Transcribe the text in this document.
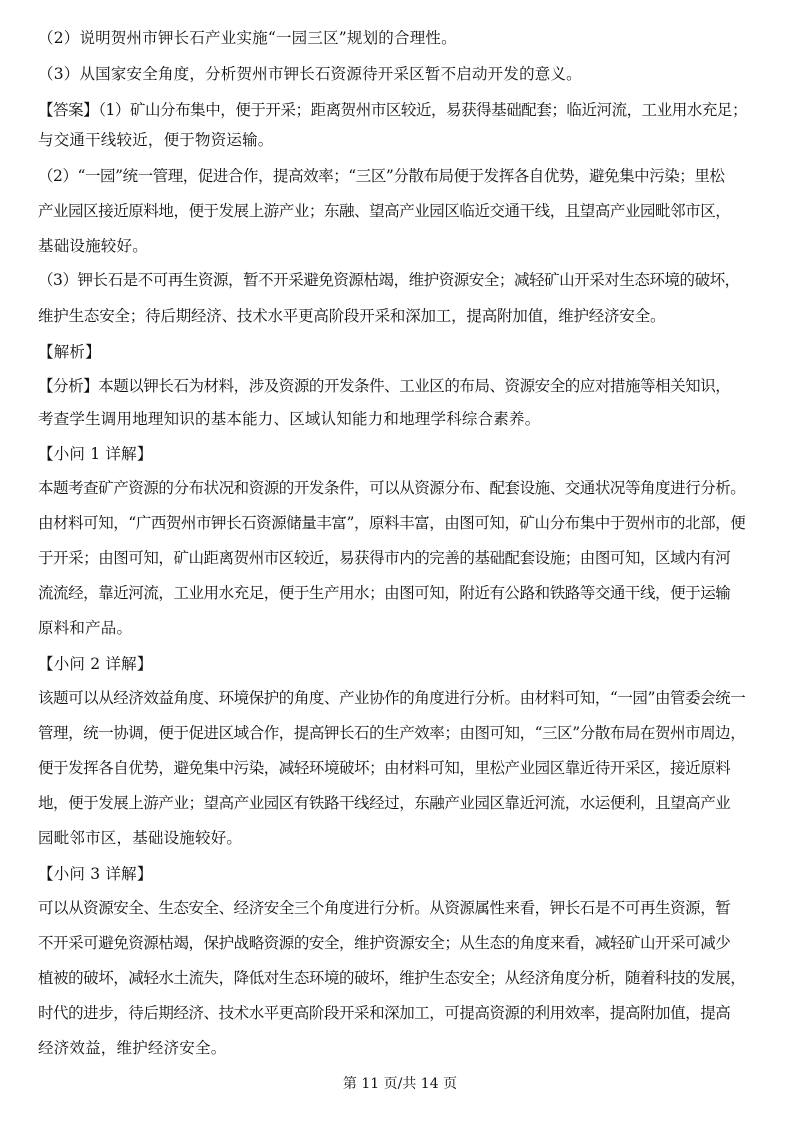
（2）说明贺州市钾长石产业实施“一园三区”规划的合理性。
（3）从国家安全角度，分析贺州市钾长石资源待开采区暂不启动开发的意义。
【答案】（1）矿山分布集中，便于开采；距离贺州市区较近，易获得基础配套；临近河流，工业用水充足；
与交通干线较近，便于物资运输。
（2）“一园”统一管理，促进合作，提高效率；“三区”分散布局便于发挥各自优势，避免集中污染；里松
产业园区接近原料地，便于发展上游产业；东融、望高产业园区临近交通干线，且望高产业园毗邻市区，
基础设施较好。
（3）钾长石是不可再生资源，暂不开采避免资源枯竭，维护资源安全；减轻矿山开采对生态环境的破坏，
维护生态安全；待后期经济、技术水平更高阶段开采和深加工，提高附加值，维护经济安全。
【解析】
【分析】本题以钾长石为材料，涉及资源的开发条件、工业区的布局、资源安全的应对措施等相关知识，
考查学生调用地理知识的基本能力、区域认知能力和地理学科综合素养。
【小问 1 详解】
本题考查矿产资源的分布状况和资源的开发条件，可以从资源分布、配套设施、交通状况等角度进行分析。
由材料可知，“广西贺州市钾长石资源储量丰富”，原料丰富，由图可知，矿山分布集中于贺州市的北部，便
于开采；由图可知，矿山距离贺州市区较近，易获得市内的完善的基础配套设施；由图可知，区域内有河
流流经，靠近河流，工业用水充足，便于生产用水；由图可知，附近有公路和铁路等交通干线，便于运输
原料和产品。
【小问 2 详解】
该题可以从经济效益角度、环境保护的角度、产业协作的角度进行分析。由材料可知，“一园”由管委会统一
管理，统一协调，便于促进区域合作，提高钾长石的生产效率；由图可知，“三区”分散布局在贺州市周边，
便于发挥各自优势，避免集中污染，减轻环境破坏；由材料可知，里松产业园区靠近待开采区，接近原料
地，便于发展上游产业；望高产业园区有铁路干线经过，东融产业园区靠近河流，水运便利，且望高产业
园毗邻市区，基础设施较好。
【小问 3 详解】
可以从资源安全、生态安全、经济安全三个角度进行分析。从资源属性来看，钾长石是不可再生资源，暂
不开采可避免资源枯竭，保护战略资源的安全，维护资源安全；从生态的角度来看，减轻矿山开采可减少
植被的破坏，减轻水土流失，降低对生态环境的破坏，维护生态安全；从经济角度分析，随着科技的发展，
时代的进步，待后期经济、技术水平更高阶段开采和深加工，可提高资源的利用效率，提高附加值，提高
经济效益，维护经济安全。
第 11 页/共 14 页
